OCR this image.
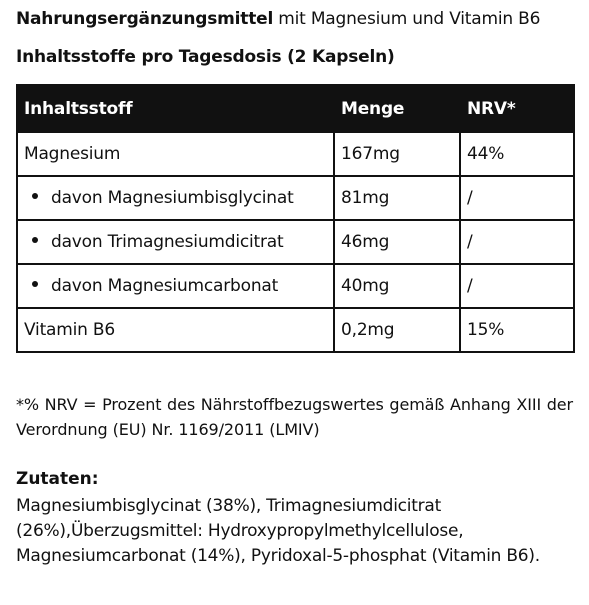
Nahrungsergänzungsmittel mit Magnesium und Vitamin B6
Inhaltsstoffe pro Tagesdosis (2 Kapseln)
Inhaltsstoff	Menge	NRV*
Magnesium	167mg	44%
davon Magnesiumbisglycinat	81mg	/
davon Trimagnesiumdicitrat	46mg	/
davon Magnesiumcarbonat	40mg	/
Vitamin B6	0,2mg	15%
*% NRV = Prozent des Nährstoffbezugswertes gemäß Anhang XIII der Verordnung (EU) Nr. 1169/2011 (LMIV)
Zutaten:
Magnesiumbisglycinat (38%), Trimagnesiumdicitrat (26%),Überzugsmittel: Hydroxypropylmethylcellulose, Magnesiumcarbonat (14%), Pyridoxal-5-phosphat (Vitamin B6).
